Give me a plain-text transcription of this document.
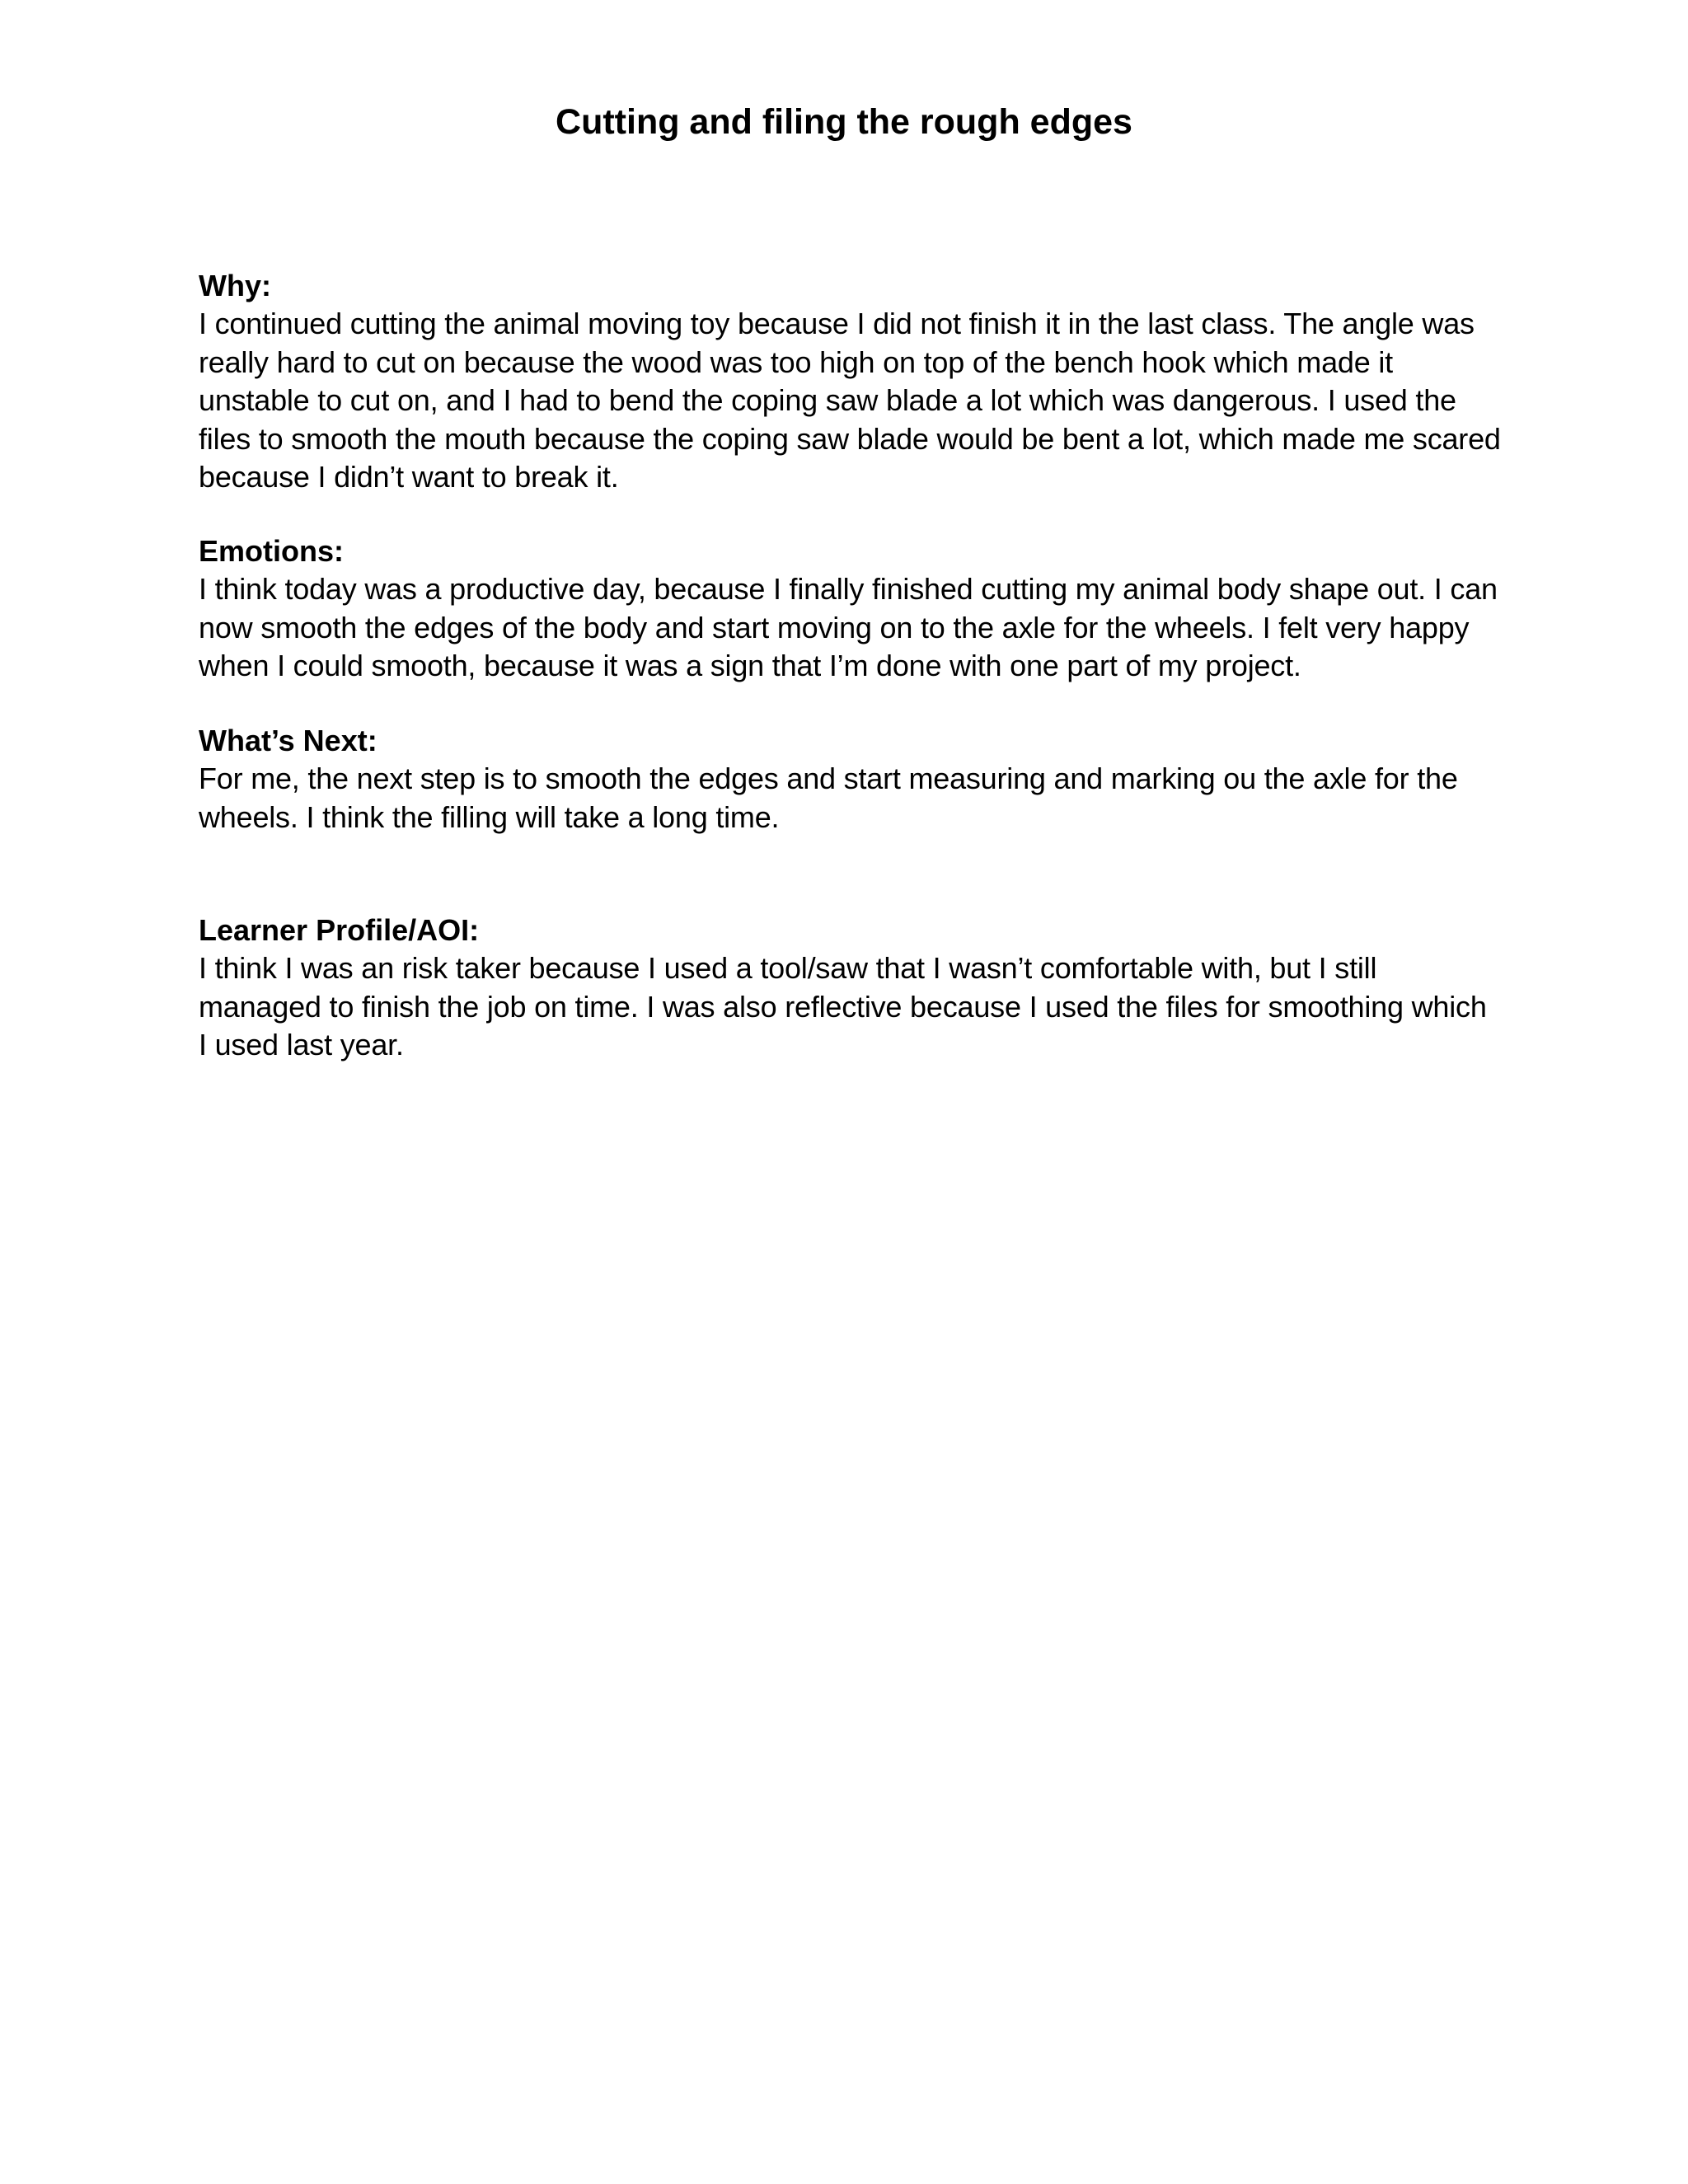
Cutting and filing the rough edges
Why:

I continued cutting the animal moving toy because I did not finish it in the last class. The angle was really hard to cut on because the wood was too high on top of the bench hook which made it unstable to cut on, and I had to bend the coping saw blade a lot which was dangerous. I used the files to smooth the mouth because the coping saw blade would be bent a lot, which made me scared because I didn’t want to break it.

Emotions:

I think today was a productive day, because I finally finished cutting my animal body shape out. I can now smooth the edges of the body and start moving on to the axle for the wheels. I felt very happy when I could smooth, because it was a sign that I’m done with one part of my project.

What’s Next:

For me, the next step is to smooth the edges and start measuring and marking ou the axle for the wheels. I think the filling will take a long time.

Learner Profile/AOI:

I think I was an risk taker because I used a tool/saw that I wasn’t comfortable with, but I still managed to finish the job on time. I was also reflective because I used the files for smoothing which I used last year.
